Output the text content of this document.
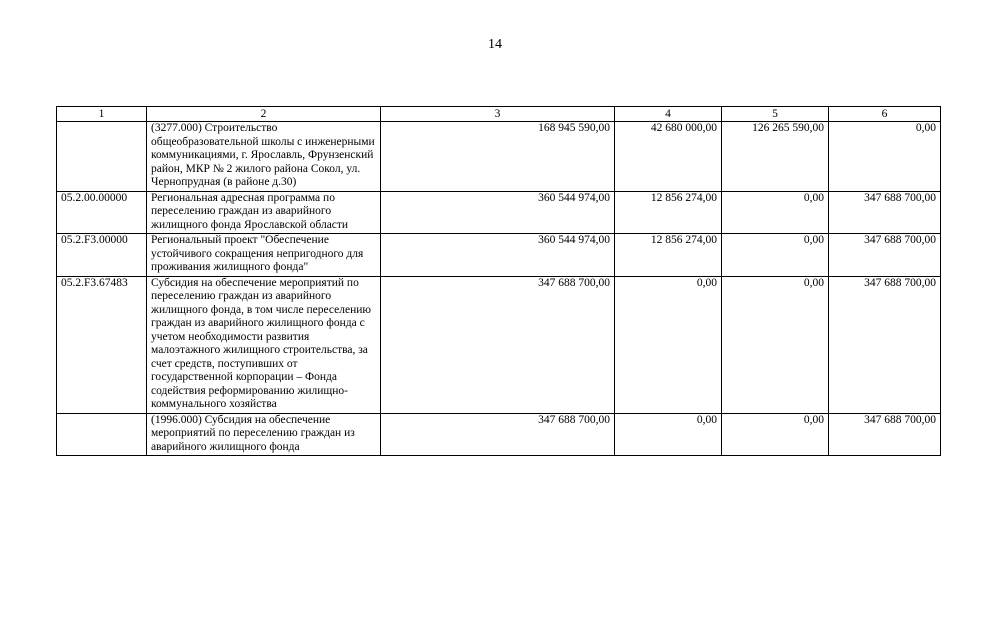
14
1	2	3	4	5	6
	(3277.000) Строительство общеобразовательной школы с инженерными коммуникациями, г. Ярославль, Фрунзенский район, МКР № 2 жилого района Сокол, ул. Чернопрудная (в районе д.30)	168 945 590,00	42 680 000,00	126 265 590,00	0,00
05.2.00.00000	Региональная адресная программа по переселению граждан из аварийного жилищного фонда Ярославской области	360 544 974,00	12 856 274,00	0,00	347 688 700,00
05.2.F3.00000	Региональный проект "Обеспечение устойчивого сокращения непригодного для проживания жилищного фонда"	360 544 974,00	12 856 274,00	0,00	347 688 700,00
05.2.F3.67483	Субсидия на обеспечение мероприятий по переселению граждан из аварийного жилищного фонда, в том числе переселению граждан из аварийного жилищного фонда с учетом необходимости развития малоэтажного жилищного строительства, за счет средств, поступивших от государственной корпорации – Фонда содействия реформированию жилищно-коммунального хозяйства	347 688 700,00	0,00	0,00	347 688 700,00
	(1996.000) Субсидия на обеспечение мероприятий по переселению граждан из аварийного жилищного фонда	347 688 700,00	0,00	0,00	347 688 700,00
